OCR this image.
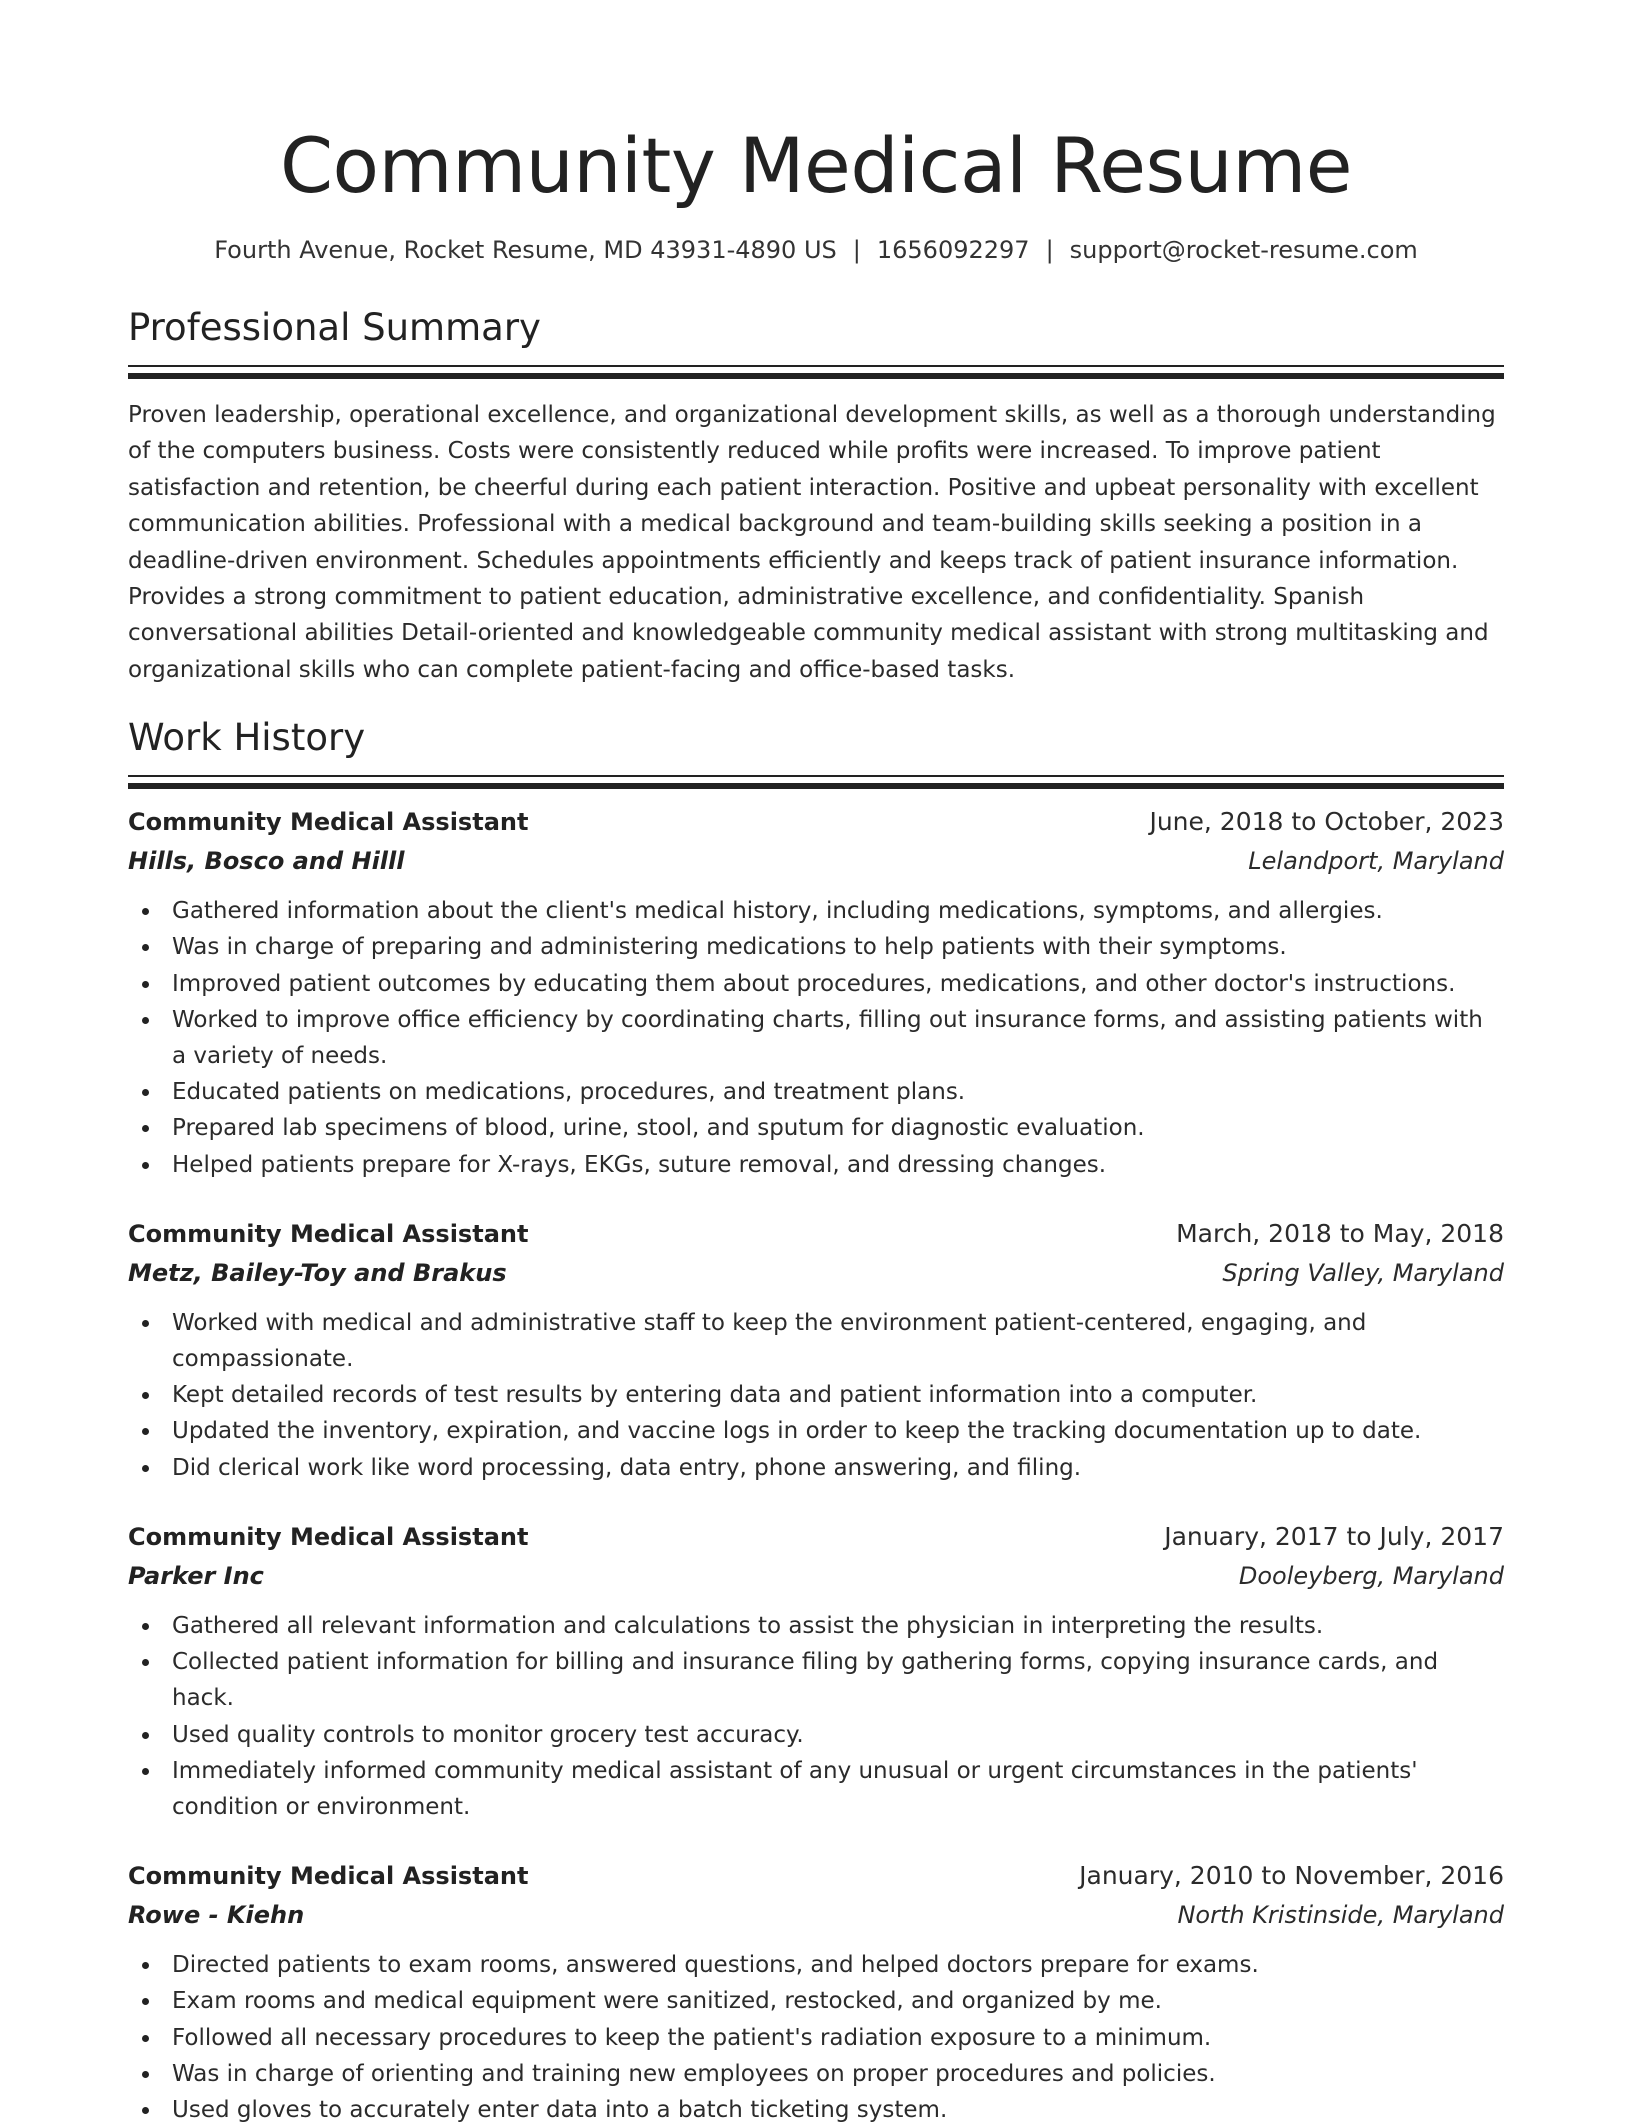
Community Medical Resume
Fourth Avenue, Rocket Resume, MD 43931-4890 US | 1656092297 | support@rocket-resume.com
Professional Summary

Proven leadership, operational excellence, and organizational development skills, as well as a thorough understanding of the computers business. Costs were consistently reduced while profits were increased. To improve patient satisfaction and retention, be cheerful during each patient interaction. Positive and upbeat personality with excellent communication abilities. Professional with a medical background and team-building skills seeking a position in a deadline-driven environment. Schedules appointments efficiently and keeps track of patient insurance information. Provides a strong commitment to patient education, administrative excellence, and confidentiality. Spanish conversational abilities Detail-oriented and knowledgeable community medical assistant with strong multitasking and organizational skills who can complete patient-facing and office-based tasks.

Work History
Community Medical Assistant	June, 2018 to October, 2023
Hills, Bosco and Hilll	Lelandport, Maryland
Gathered information about the client's medical history, including medications, symptoms, and allergies.
Was in charge of preparing and administering medications to help patients with their symptoms.
Improved patient outcomes by educating them about procedures, medications, and other doctor's instructions.
Worked to improve office efficiency by coordinating charts, filling out insurance forms, and assisting patients with a variety of needs.
Educated patients on medications, procedures, and treatment plans.
Prepared lab specimens of blood, urine, stool, and sputum for diagnostic evaluation.
Helped patients prepare for X-rays, EKGs, suture removal, and dressing changes.
Community Medical Assistant	March, 2018 to May, 2018
Metz, Bailey-Toy and Brakus	Spring Valley, Maryland
Worked with medical and administrative staff to keep the environment patient-centered, engaging, and compassionate.
Kept detailed records of test results by entering data and patient information into a computer.
Updated the inventory, expiration, and vaccine logs in order to keep the tracking documentation up to date.
Did clerical work like word processing, data entry, phone answering, and filing.
Community Medical Assistant	January, 2017 to July, 2017
Parker Inc	Dooleyberg, Maryland
Gathered all relevant information and calculations to assist the physician in interpreting the results.
Collected patient information for billing and insurance filing by gathering forms, copying insurance cards, and hack.
Used quality controls to monitor grocery test accuracy.
Immediately informed community medical assistant of any unusual or urgent circumstances in the patients' condition or environment.
Community Medical Assistant	January, 2010 to November, 2016
Rowe - Kiehn	North Kristinside, Maryland
Directed patients to exam rooms, answered questions, and helped doctors prepare for exams.
Exam rooms and medical equipment were sanitized, restocked, and organized by me.
Followed all necessary procedures to keep the patient's radiation exposure to a minimum.
Was in charge of orienting and training new employees on proper procedures and policies.
Used gloves to accurately enter data into a batch ticketing system.
